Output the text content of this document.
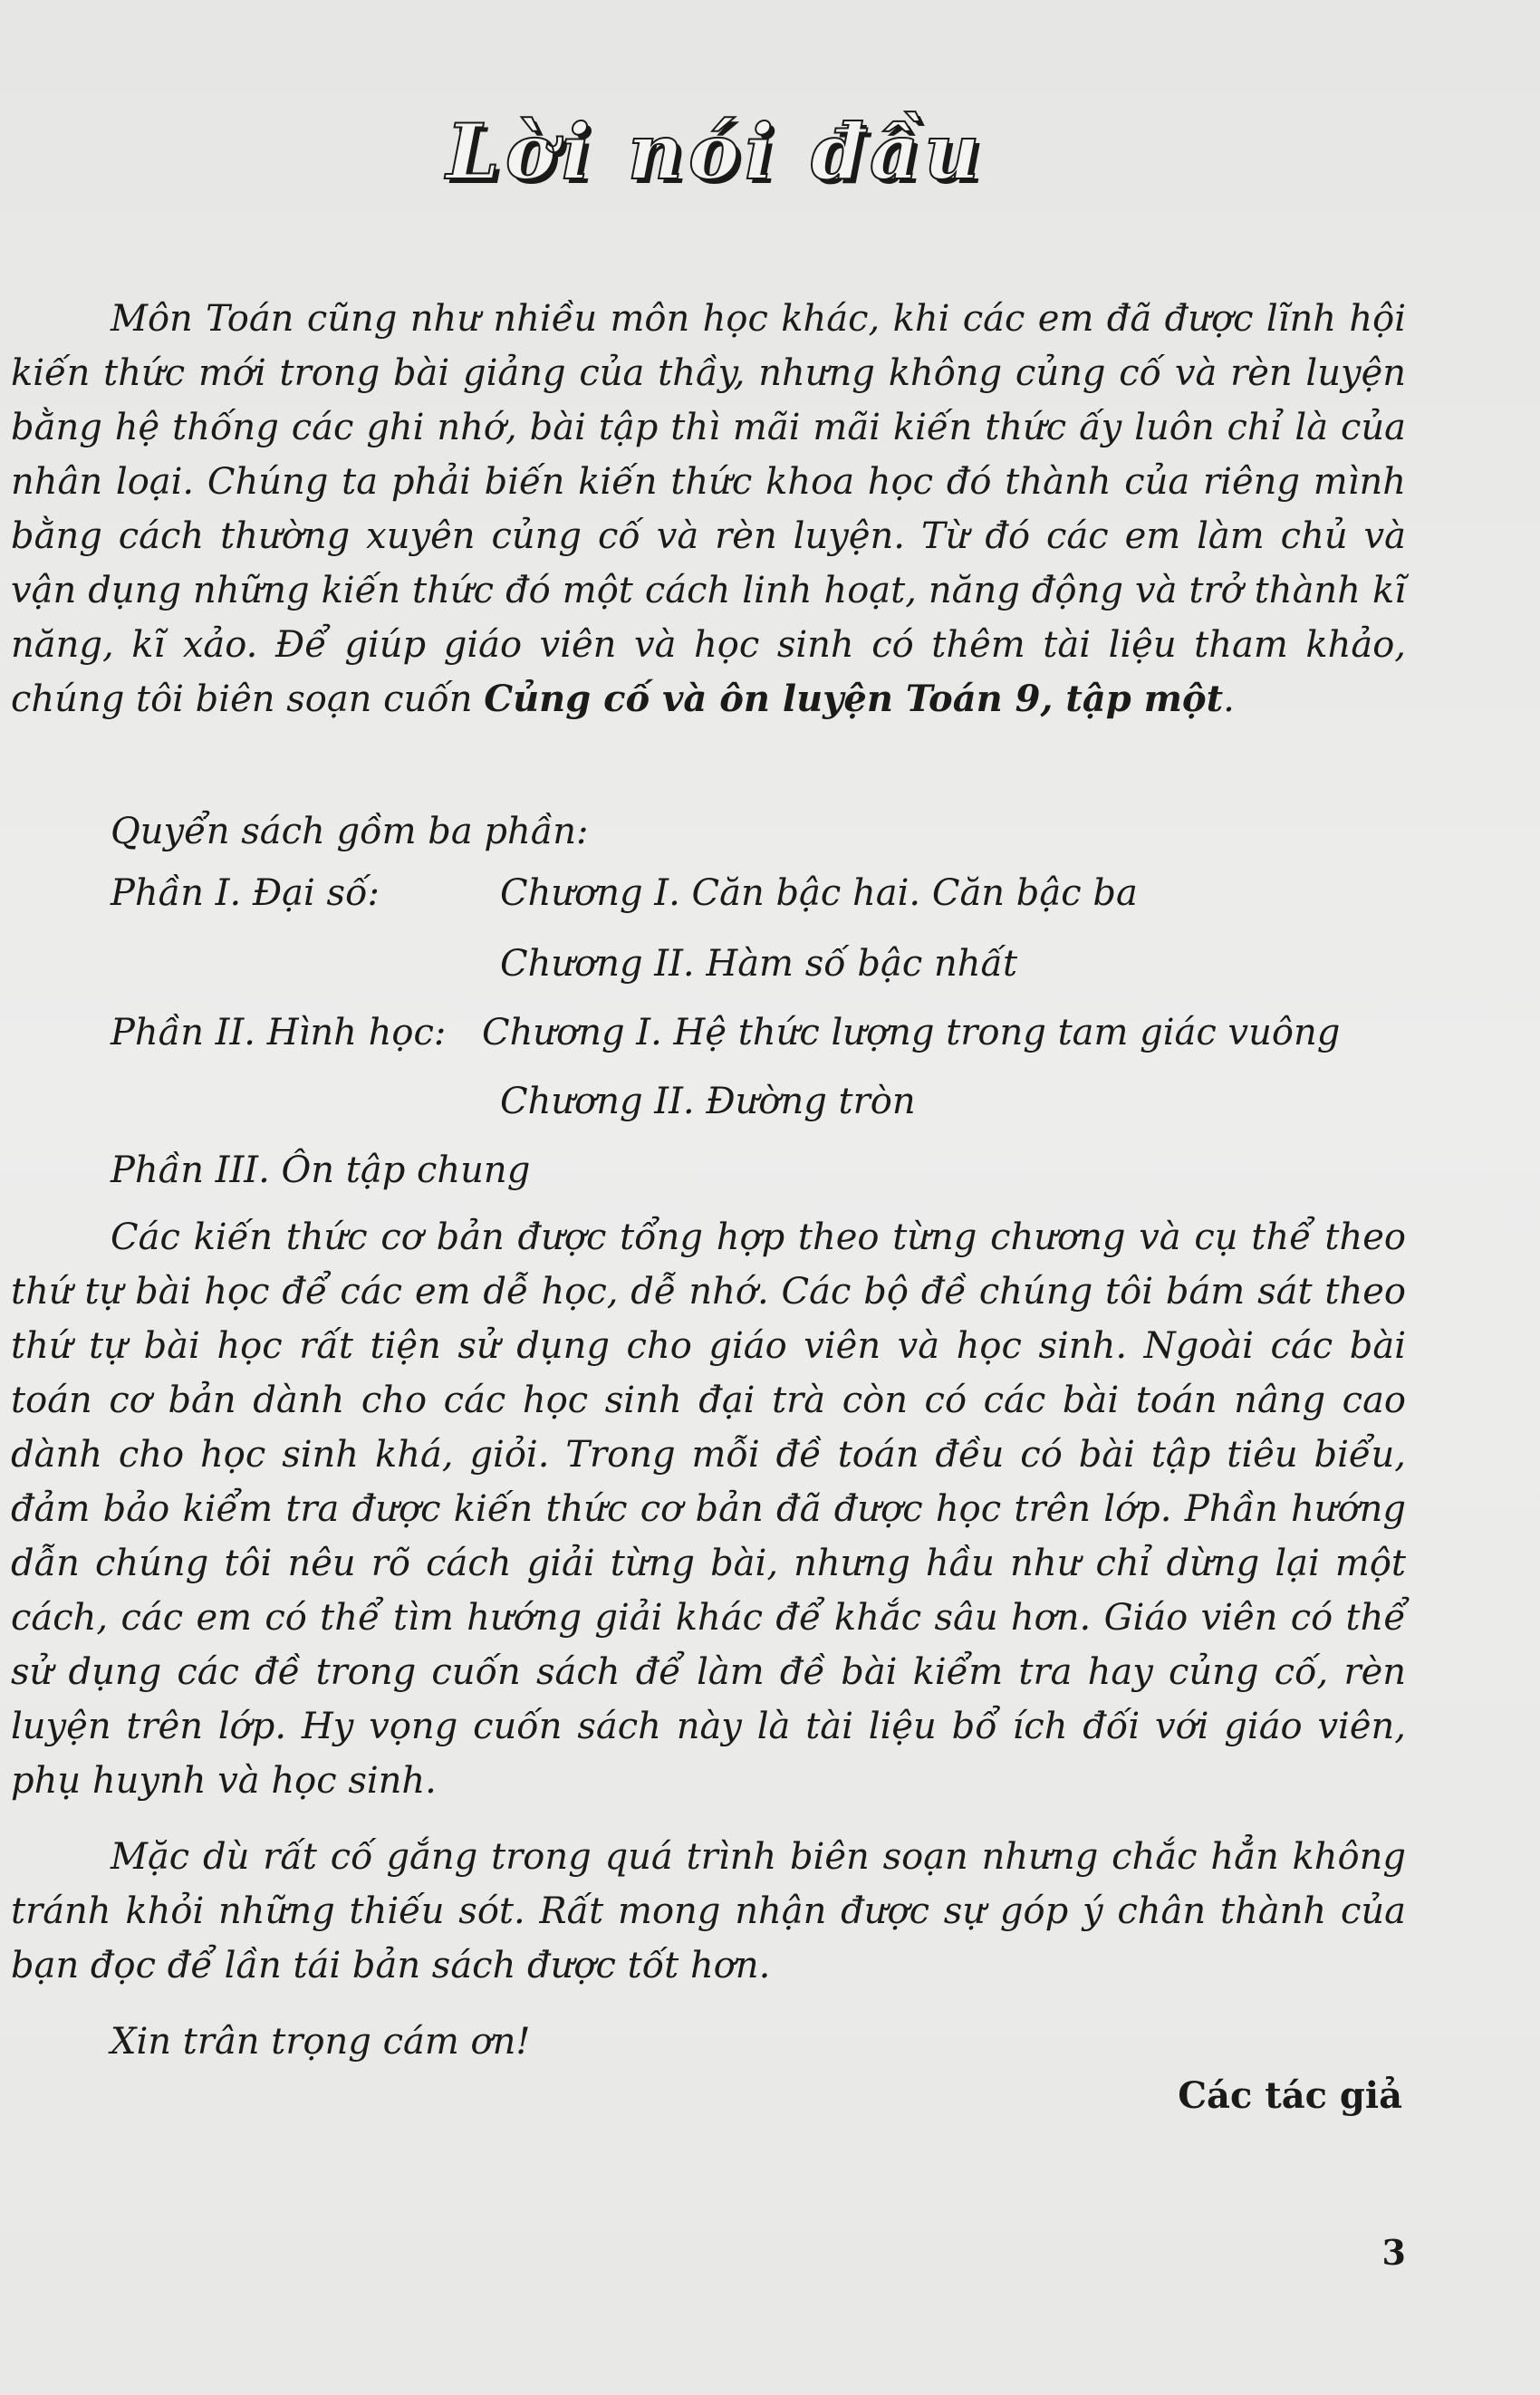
Lời nói đầu

Môn Toán cũng như nhiều môn học khác, khi các em đã được lĩnh hội kiến thức mới trong bài giảng của thầy, nhưng không củng cố và rèn luyện bằng hệ thống các ghi nhớ, bài tập thì mãi mãi kiến thức ấy luôn chỉ là của nhân loại. Chúng ta phải biến kiến thức khoa học đó thành của riêng mình bằng cách thường xuyên củng cố và rèn luyện. Từ đó các em làm chủ và vận dụng những kiến thức đó một cách linh hoạt, năng động và trở thành kĩ năng, kĩ xảo. Để giúp giáo viên và học sinh có thêm tài liệu tham khảo, chúng tôi biên soạn cuốn Củng cố và ôn luyện Toán 9, tập một.

Quyển sách gồm ba phần:
Phần I. Đại số:	Chương I. Căn bậc hai. Căn bậc ba
Chương II. Hàm số bậc nhất
Phần II. Hình học: Chương I. Hệ thức lượng trong tam giác vuông
Chương II. Đường tròn
Phần III. Ôn tập chung

Các kiến thức cơ bản được tổng hợp theo từng chương và cụ thể theo thứ tự bài học để các em dễ học, dễ nhớ. Các bộ đề chúng tôi bám sát theo thứ tự bài học rất tiện sử dụng cho giáo viên và học sinh. Ngoài các bài toán cơ bản dành cho các học sinh đại trà còn có các bài toán nâng cao dành cho học sinh khá, giỏi. Trong mỗi đề toán đều có bài tập tiêu biểu, đảm bảo kiểm tra được kiến thức cơ bản đã được học trên lớp. Phần hướng dẫn chúng tôi nêu rõ cách giải từng bài, nhưng hầu như chỉ dừng lại một cách, các em có thể tìm hướng giải khác để khắc sâu hơn. Giáo viên có thể sử dụng các đề trong cuốn sách để làm đề bài kiểm tra hay củng cố, rèn luyện trên lớp. Hy vọng cuốn sách này là tài liệu bổ ích đối với giáo viên, phụ huynh và học sinh.

Mặc dù rất cố gắng trong quá trình biên soạn nhưng chắc hẳn không tránh khỏi những thiếu sót. Rất mong nhận được sự góp ý chân thành của bạn đọc để lần tái bản sách được tốt hơn.

Xin trân trọng cám ơn!

Các tác giả
3
